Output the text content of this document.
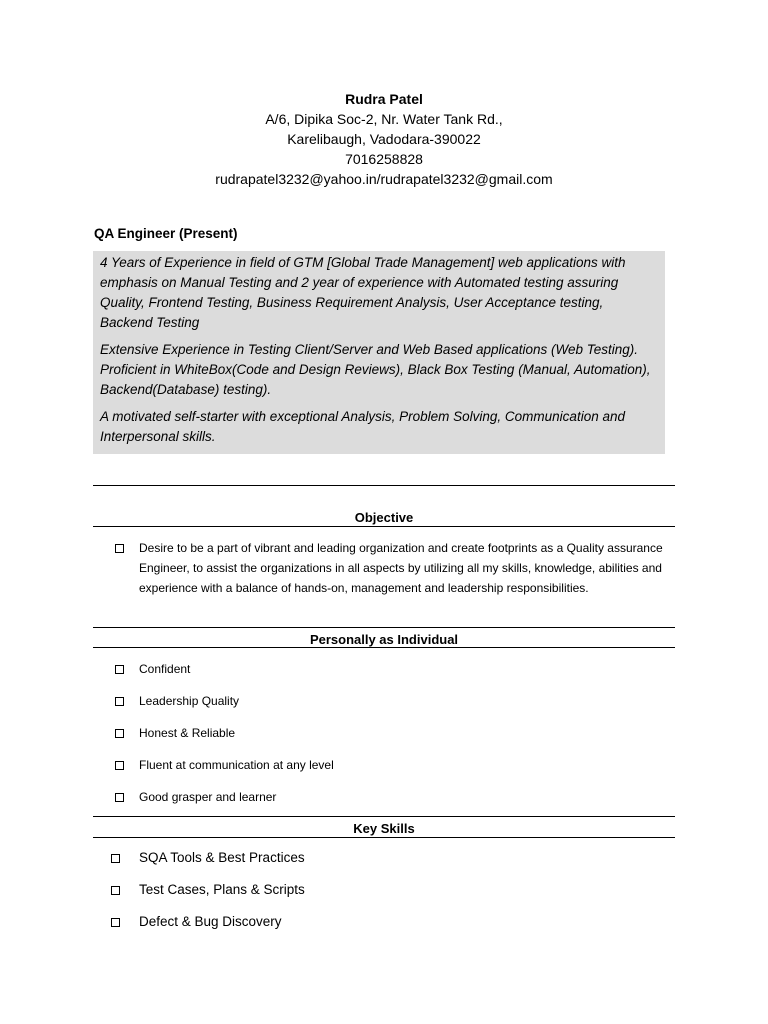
Rudra Patel
A/6, Dipika Soc-2, Nr. Water Tank Rd.,
Karelibaugh, Vadodara-390022
7016258828
rudrapatel3232@yahoo.in/rudrapatel3232@gmail.com
QA Engineer (Present)

4 Years of Experience in field of GTM [Global Trade Management] web applications with emphasis on Manual Testing and 2 year of experience with Automated testing assuring Quality, Frontend Testing, Business Requirement Analysis, User Acceptance testing, Backend Testing

Extensive Experience in Testing Client/Server and Web Based applications (Web Testing). Proficient in WhiteBox(Code and Design Reviews), Black Box Testing (Manual, Automation), Backend(Database) testing).

A motivated self-starter with exceptional Analysis, Problem Solving, Communication and Interpersonal skills.

Objective
Desire to be a part of vibrant and leading organization and create footprints as a Quality assurance Engineer, to assist the organizations in all aspects by utilizing all my skills, knowledge, abilities and experience with a balance of hands-on, management and leadership responsibilities.
Personally as Individual
Confident
Leadership Quality
Honest & Reliable
Fluent at communication at any level
Good grasper and learner
Key Skills
SQA Tools & Best Practices
Test Cases, Plans & Scripts
Defect & Bug Discovery
